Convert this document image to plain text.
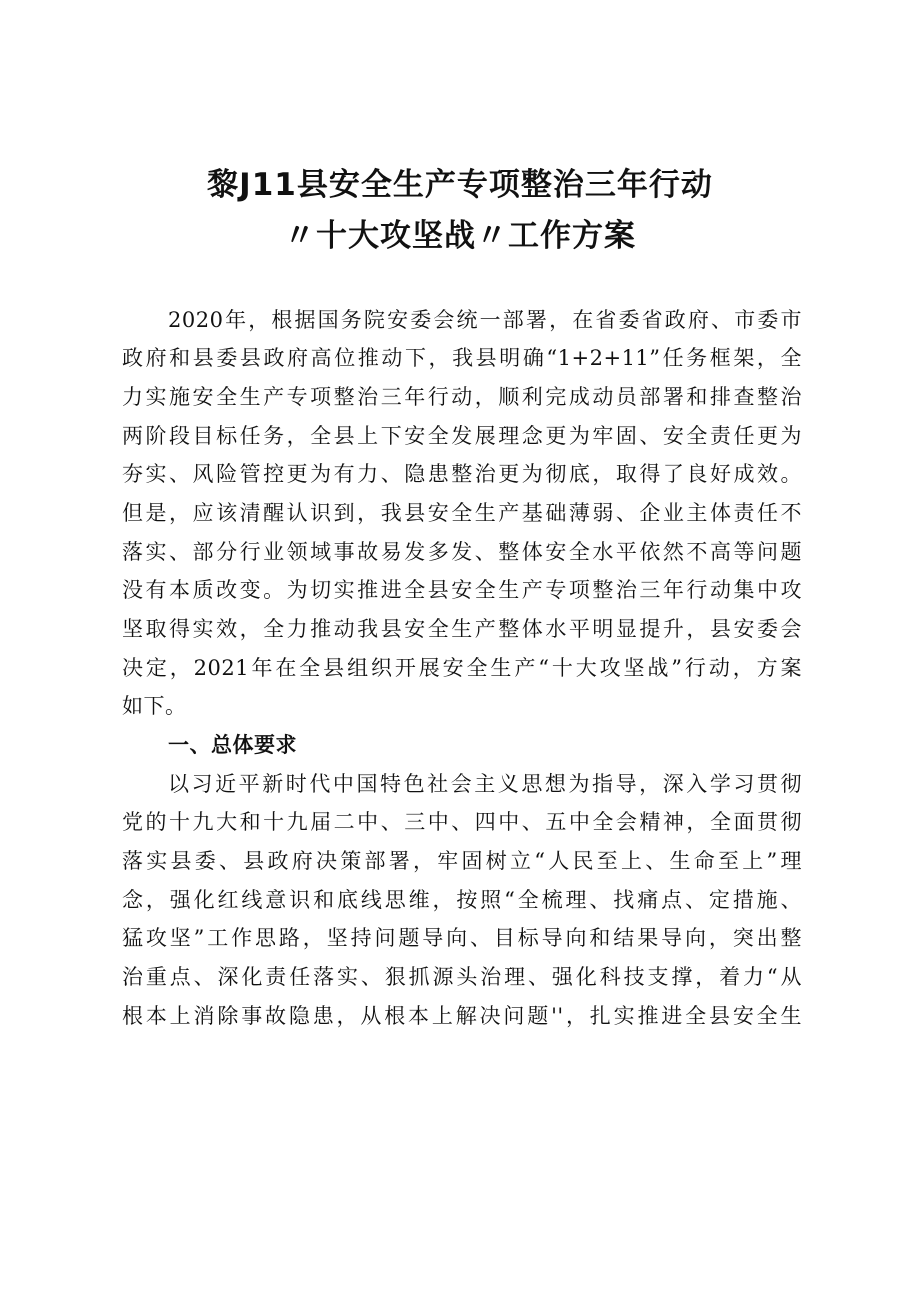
黎J11县安全生产专项整治三年行动
〃十大攻坚战〃工作方案
2020年，根据国务院安委会统一部署，在省委省政府、市委市
政府和县委县政府高位推动下，我县明确“1+2+11”任务框架，全
力实施安全生产专项整治三年行动，顺利完成动员部署和排查整治
两阶段目标任务，全县上下安全发展理念更为牢固、安全责任更为
夯实、风险管控更为有力、隐患整治更为彻底，取得了良好成效。
但是，应该清醒认识到，我县安全生产基础薄弱、企业主体责任不
落实、部分行业领域事故易发多发、整体安全水平依然不高等问题
没有本质改变。为切实推进全县安全生产专项整治三年行动集中攻
坚取得实效，全力推动我县安全生产整体水平明显提升，县安委会
决定，2021年在全县组织开展安全生产“十大攻坚战”行动，方案
如下。
一、总体要求
以习近平新时代中国特色社会主义思想为指导，深入学习贯彻
党的十九大和十九届二中、三中、四中、五中全会精神，全面贯彻
落实县委、县政府决策部署，牢固树立“人民至上、生命至上”理
念，强化红线意识和底线思维，按照“全梳理、找痛点、定措施、
猛攻坚”工作思路，坚持问题导向、目标导向和结果导向，突出整
治重点、深化责任落实、狠抓源头治理、强化科技支撑，着力“从
根本上消除事故隐患，从根本上解决问题''，扎实推进全县安全生
